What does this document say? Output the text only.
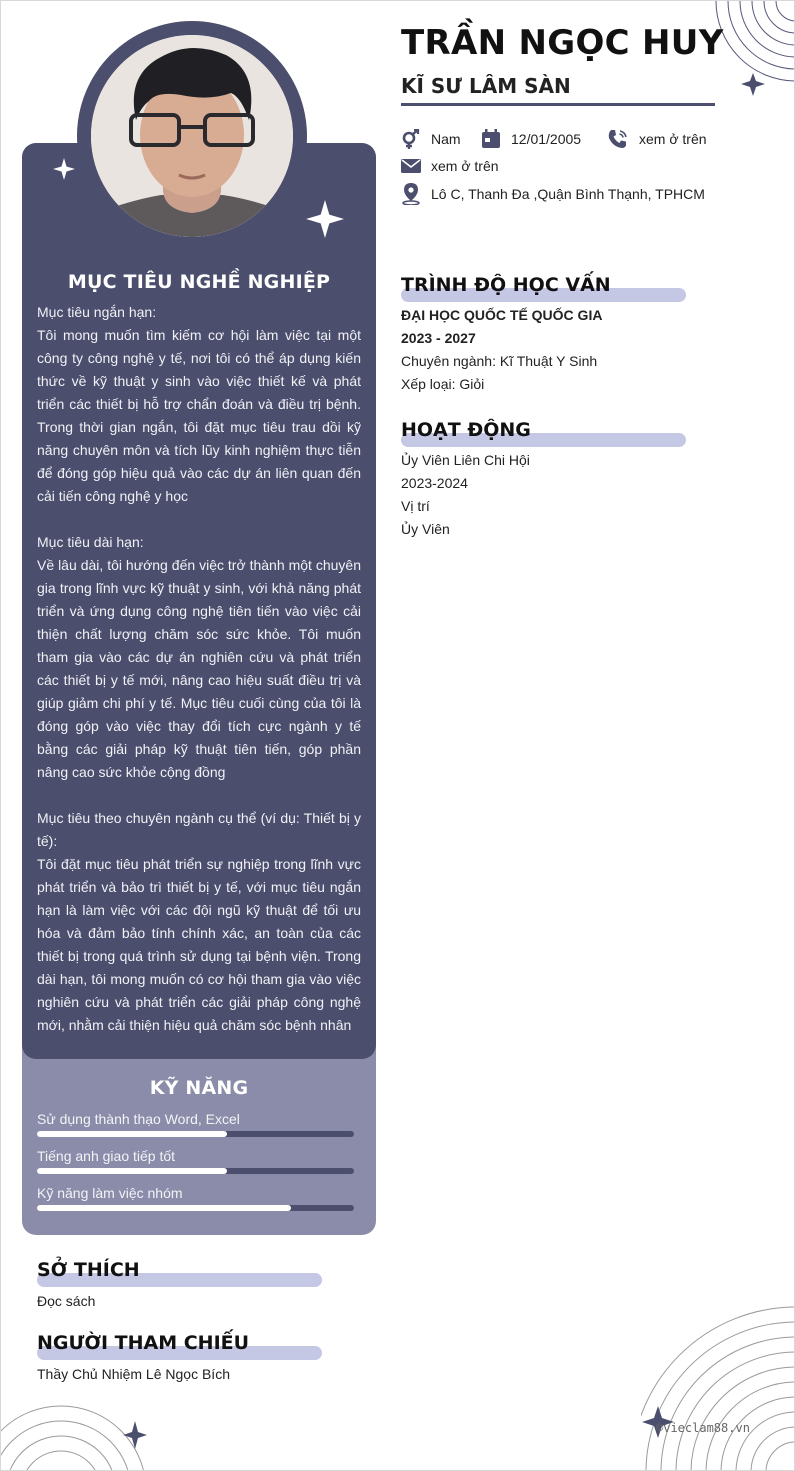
MỤC TIÊU NGHỀ NGHIỆP

Mục tiêu ngắn hạn:

Tôi mong muốn tìm kiếm cơ hội làm việc tại một công ty công nghệ y tế, nơi tôi có thể áp dụng kiến thức về kỹ thuật y sinh vào việc thiết kế và phát triển các thiết bị hỗ trợ chẩn đoán và điều trị bệnh. Trong thời gian ngắn, tôi đặt mục tiêu trau dồi kỹ năng chuyên môn và tích lũy kinh nghiệm thực tiễn để đóng góp hiệu quả vào các dự án liên quan đến cải tiến công nghệ y học

Mục tiêu dài hạn:

Về lâu dài, tôi hướng đến việc trở thành một chuyên gia trong lĩnh vực kỹ thuật y sinh, với khả năng phát triển và ứng dụng công nghệ tiên tiến vào việc cải thiện chất lượng chăm sóc sức khỏe. Tôi muốn tham gia vào các dự án nghiên cứu và phát triển các thiết bị y tế mới, nâng cao hiệu suất điều trị và giúp giảm chi phí y tế. Mục tiêu cuối cùng của tôi là đóng góp vào việc thay đổi tích cực ngành y tế bằng các giải pháp kỹ thuật tiên tiến, góp phần nâng cao sức khỏe cộng đồng

Mục tiêu theo chuyên ngành cụ thể (ví dụ: Thiết bị y tế):

Tôi đặt mục tiêu phát triển sự nghiệp trong lĩnh vực phát triển và bảo trì thiết bị y tế, với mục tiêu ngắn hạn là làm việc với các đội ngũ kỹ thuật để tối ưu hóa và đảm bảo tính chính xác, an toàn của các thiết bị trong quá trình sử dụng tại bệnh viện. Trong dài hạn, tôi mong muốn có cơ hội tham gia vào việc nghiên cứu và phát triển các giải pháp công nghệ mới, nhằm cải thiện hiệu quả chăm sóc bệnh nhân

KỸ NĂNG
Sử dụng thành thạo Word, Excel
Tiếng anh giao tiếp tốt
Kỹ năng làm việc nhóm
SỞ THÍCH
Đọc sách
NGƯỜI THAM CHIẾU
Thầy Chủ Nhiệm Lê Ngọc Bích
TRẦN NGỌC HUY
KĨ SƯ LÂM SÀN
Nam	12/01/2005	xem ở trên
xem ở trên
Lô C, Thanh Đa ,Quận Bình Thạnh, TPHCM
TRÌNH ĐỘ HỌC VẤN
ĐẠI HỌC QUỐC TẾ QUỐC GIA
2023 - 2027
Chuyên ngành: Kĩ Thuật Y Sinh
Xếp loại: Giỏi
HOẠT ĐỘNG
Ủy Viên Liên Chi Hội
2023-2024
Vị trí
Ủy Viên
©vieclam88.vn
